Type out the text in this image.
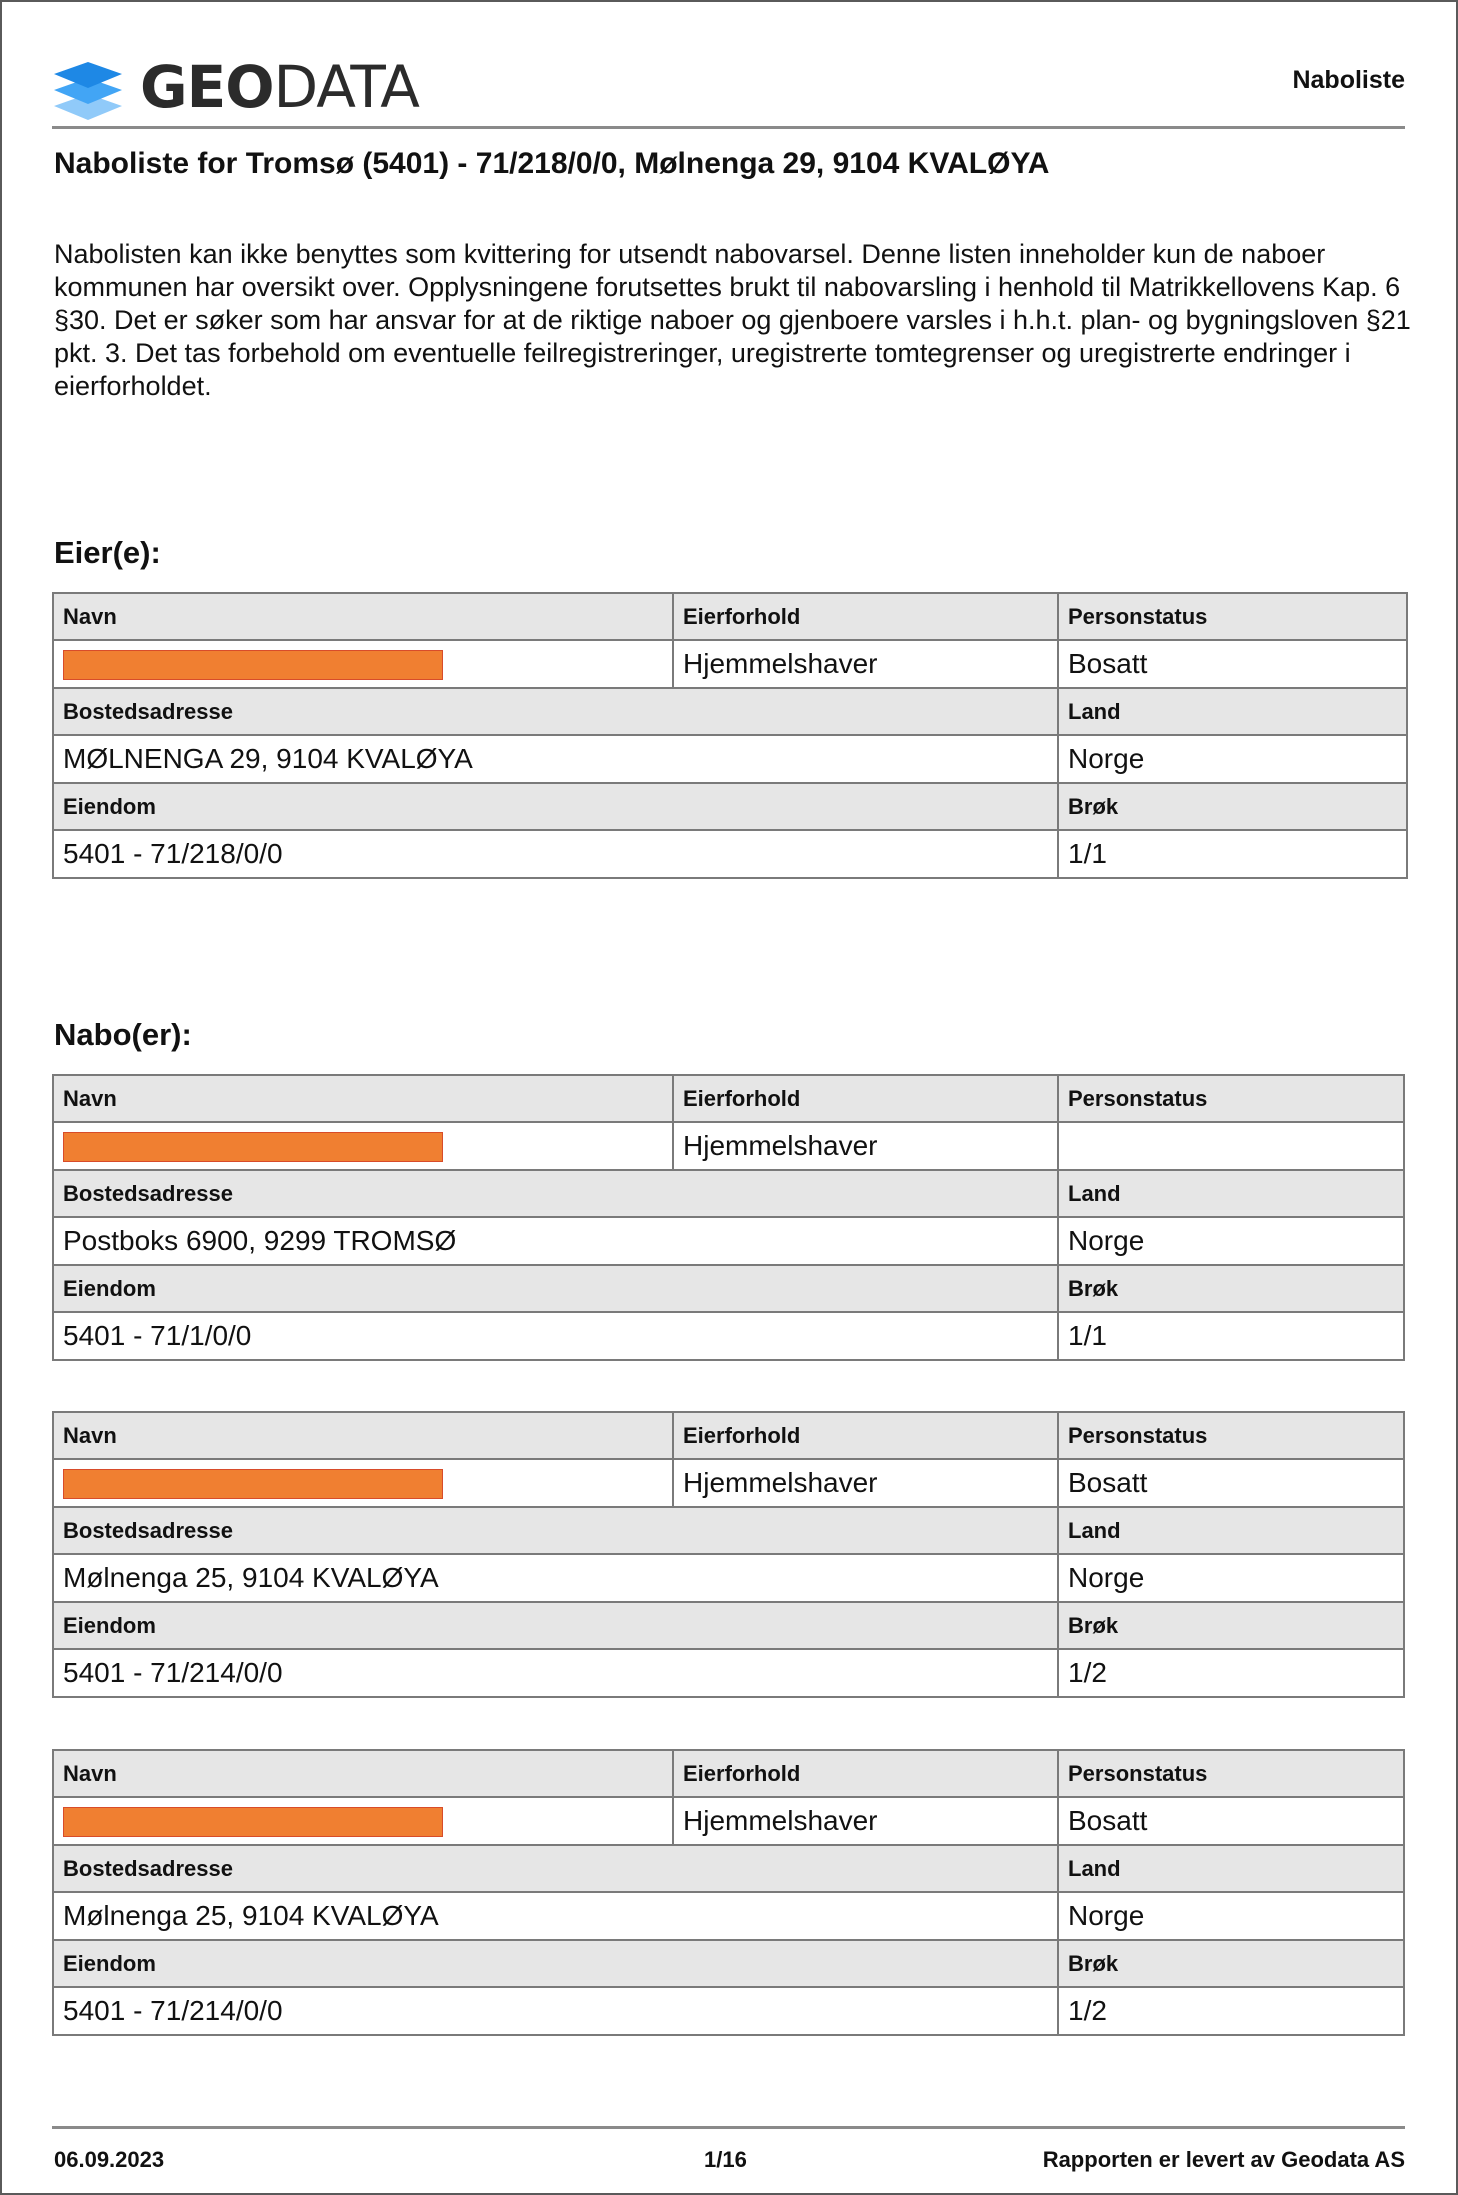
GEODATA	Naboliste
Naboliste for Tromsø (5401) - 71/218/0/0, Mølnenga 29, 9104 KVALØYA

Nabolisten kan ikke benyttes som kvittering for utsendt nabovarsel. Denne listen inneholder kun de naboer kommunen har oversikt over. Opplysningene forutsettes brukt til nabovarsling i henhold til Matrikkellovens Kap. 6 §30. Det er søker som har ansvar for at de riktige naboer og gjenboere varsles i h.h.t. plan- og bygningsloven §21 pkt. 3. Det tas forbehold om eventuelle feilregistreringer, uregistrerte tomtegrenser og uregistrerte endringer i eierforholdet.

Eier(e):
Navn	Eierforhold	Personstatus
	Hjemmelshaver	Bosatt
Bostedsadresse		Land
MØLNENGA 29, 9104 KVALØYA		Norge
Eiendom		Brøk
5401 - 71/218/0/0		1/1
Nabo(er):
Navn	Eierforhold	Personstatus
	Hjemmelshaver	
Bostedsadresse		Land
Postboks 6900, 9299 TROMSØ		Norge
Eiendom		Brøk
5401 - 71/1/0/0		1/1
Navn	Eierforhold	Personstatus
	Hjemmelshaver	Bosatt
Bostedsadresse		Land
Mølnenga 25, 9104 KVALØYA		Norge
Eiendom		Brøk
5401 - 71/214/0/0		1/2
Navn	Eierforhold	Personstatus
	Hjemmelshaver	Bosatt
Bostedsadresse		Land
Mølnenga 25, 9104 KVALØYA		Norge
Eiendom		Brøk
5401 - 71/214/0/0		1/2
06.09.2023	1/16	Rapporten er levert av Geodata AS
